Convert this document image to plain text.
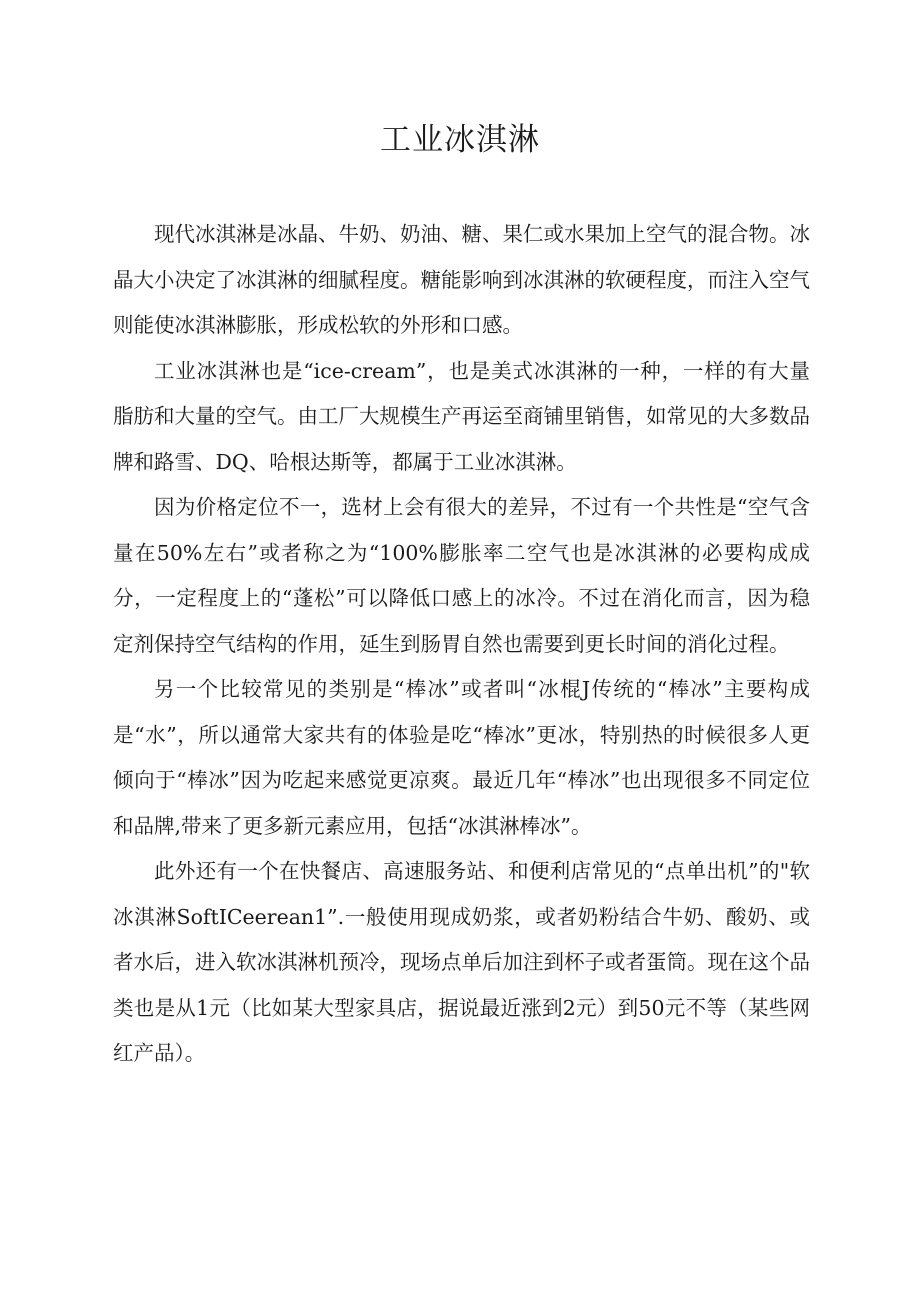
工业冰淇淋

现代冰淇淋是冰晶、牛奶、奶油、糖、果仁或水果加上空气的混合物。冰晶大小决定了冰淇淋的细腻程度。糖能影响到冰淇淋的软硬程度，而注入空气则能使冰淇淋膨胀，形成松软的外形和口感。

工业冰淇淋也是“ice-cream”，也是美式冰淇淋的一种，一样的有大量脂肪和大量的空气。由工厂大规模生产再运至商铺里销售，如常见的大多数品牌和路雪、DQ、哈根达斯等，都属于工业冰淇淋。

因为价格定位不一，选材上会有很大的差异，不过有一个共性是“空气含量在50%左右”或者称之为“100%膨胀率二空气也是冰淇淋的必要构成成分，一定程度上的“蓬松”可以降低口感上的冰冷。不过在消化而言，因为稳定剂保持空气结构的作用，延生到肠胃自然也需要到更长时间的消化过程。

另一个比较常见的类别是“棒冰”或者叫“冰棍J传统的“棒冰”主要构成是“水”，所以通常大家共有的体验是吃“棒冰”更冰，特别热的时候很多人更倾向于“棒冰”因为吃起来感觉更凉爽。最近几年“棒冰”也出现很多不同定位和品牌,带来了更多新元素应用，包括“冰淇淋棒冰”。

此外还有一个在快餐店、高速服务站、和便利店常见的“点单出机”的"软冰淇淋SoftICeerean1”.一般使用现成奶浆，或者奶粉结合牛奶、酸奶、或者水后，进入软冰淇淋机预冷，现场点单后加注到杯子或者蛋筒。现在这个品类也是从1元（比如某大型家具店，据说最近涨到2元）到50元不等（某些网红产品）。
